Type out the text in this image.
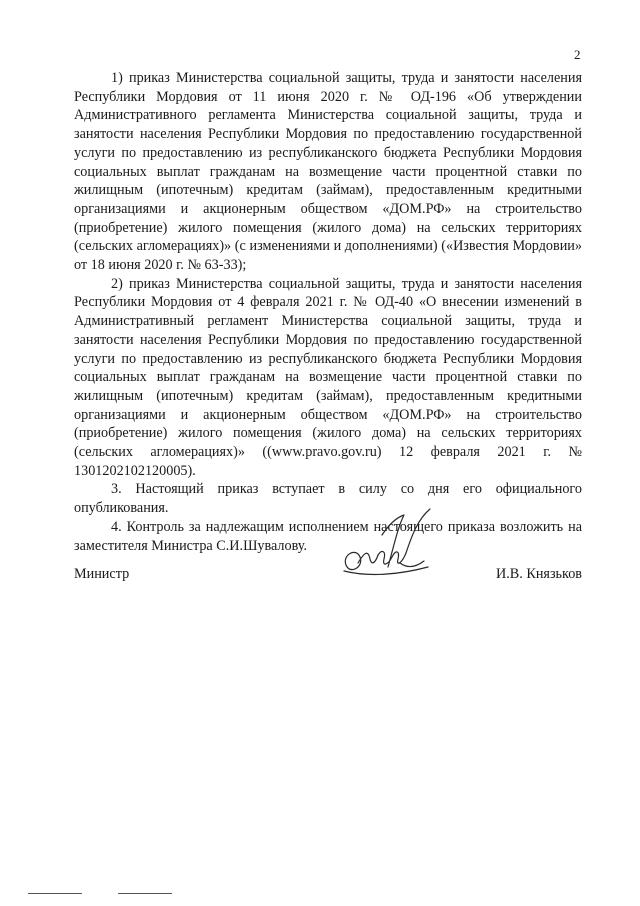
2

1) приказ Министерства социальной защиты, труда и занятости населения Республики Мордовия от 11 июня 2020 г. № ОД-196 «Об утверждении Административного регламента Министерства социальной защиты, труда и занятости населения Республики Мордовия по предоставлению государственной услуги по предоставлению из республиканского бюджета Республики Мордовия социальных выплат гражданам на возмещение части процентной ставки по жилищным (ипотечным) кредитам (займам), предоставленным кредитными организациями и акционерным обществом «ДОМ.РФ» на строительство (приобретение) жилого помещения (жилого дома) на сельских территориях (сельских агломерациях)» (с изменениями и дополнениями) («Известия Мордовии» от 18 июня 2020 г. № 63-33);

2) приказ Министерства социальной защиты, труда и занятости населения Республики Мордовия от 4 февраля 2021 г. № ОД-40 «О внесении изменений в Административный регламент Министерства социальной защиты, труда и занятости населения Республики Мордовия по предоставлению государственной услуги по предоставлению из республиканского бюджета Республики Мордовия социальных выплат гражданам на возмещение части процентной ставки по жилищным (ипотечным) кредитам (займам), предоставленным кредитными организациями и акционерным обществом «ДОМ.РФ» на строительство (приобретение) жилого помещения (жилого дома) на сельских территориях (сельских агломерациях)» ((www.pravo.gov.ru) 12 февраля 2021 г. № 1301202102120005).

3. Настоящий приказ вступает в силу со дня его официального опубликования.

4. Контроль за надлежащим исполнением настоящего приказа возложить на заместителя Министра С.И.Шувалову.

Министр	И.В. Князьков
